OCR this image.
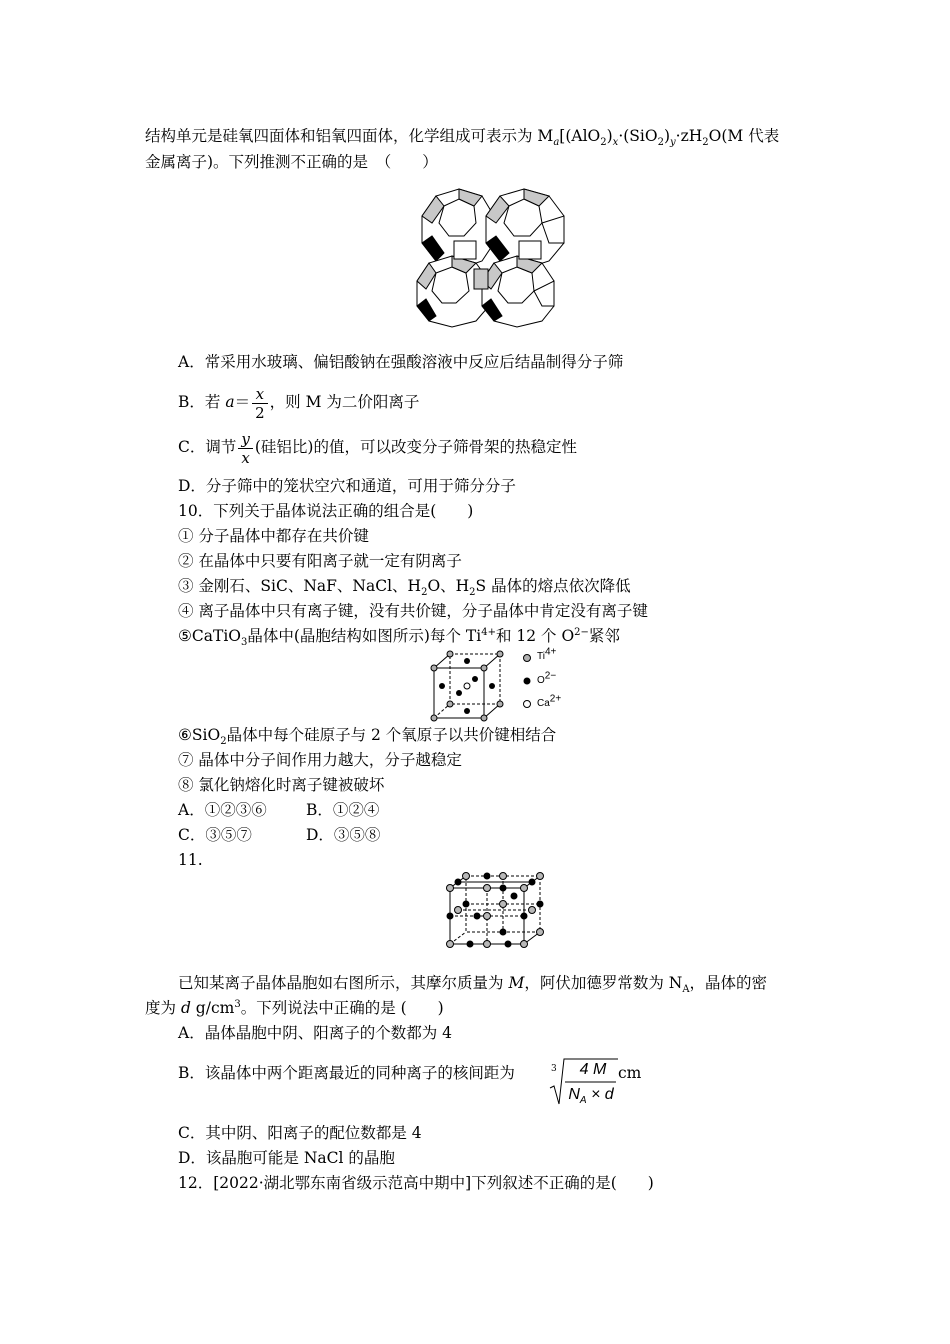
结构单元是硅氧四面体和铝氧四面体，化学组成可表示为 $M_a[(AlO_2)_x\cdot(SiO_2)_y\cdot zH_2O(M$ 代表
金属离子)。下列推测不正确的是　（　　）
A．常采用水玻璃、偏铝酸钠在强酸溶液中反应后结晶制得分子筛
B．若 $a= \frac{x}{2}$ ，则 M 为二价阳离子
C．调节 $\frac{y}{x}$ (硅铝比)的值，可以改变分子筛骨架的热稳定性
D．分子筛中的笼状空穴和通道，可用于筛分分子
10．下列关于晶体说法正确的组合是(　　)
① 分子晶体中都存在共价键
② 在晶体中只要有阳离子就一定有阴离子
③ 金刚石、SiC、NaF、NaCl、$H_2O$、$H_2S$ 晶体的熔点依次降低
④ 离子晶体中只有离子键，没有共价键，分子晶体中肯定没有离子键
⑤CaTiO$_3$晶体中(晶胞结构如图所示)每个 $Ti^{4+}$和 12 个 $O^{2-}$紧邻
$Ti^{4+}$
$O^{2-}$
$Ca^{2+}$
⑥SiO$_2$晶体中每个硅原子与 2 个氧原子以共价键相结合
⑦ 晶体中分子间作用力越大，分子越稳定
⑧ 氯化钠熔化时离子键被破坏
A．①②③⑥	B．①②④
C．③⑤⑦	D．③⑤⑧
11.
已知某离子晶体晶胞如右图所示，其摩尔质量为 M，阿伏加德罗常数为 $N_A$，晶体的密
度为 d $g/cm^3$。下列说法中正确的是 (　　)
A．晶体晶胞中阴、阳离子的个数都为 4
B．该晶体中两个距离最近的同种离子的核间距为	3	4 M
$N_A \times d$
cm
C．其中阴、阳离子的配位数都是 4
D．该晶胞可能是 NaCl 的晶胞
12．[2022·湖北鄂东南省级示范高中期中]下列叙述不正确的是(　　)
